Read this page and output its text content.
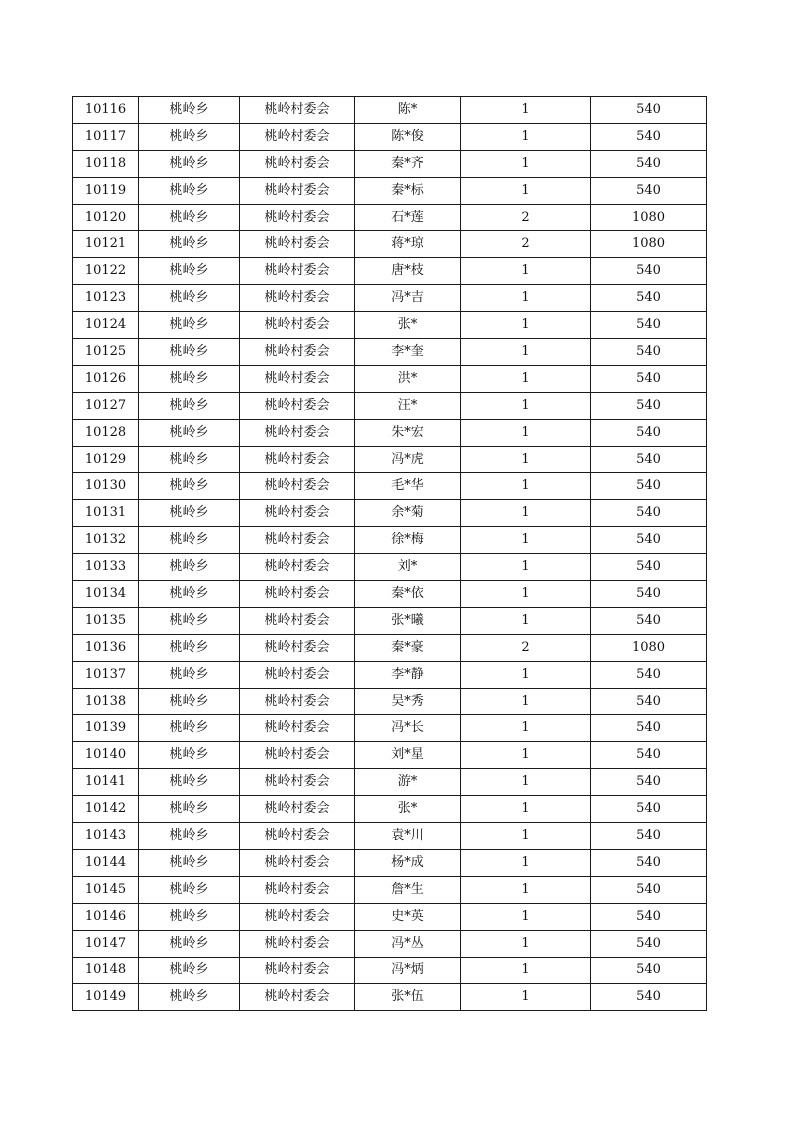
10116	桃岭乡	桃岭村委会	陈*	1	540
10117	桃岭乡	桃岭村委会	陈*俊	1	540
10118	桃岭乡	桃岭村委会	秦*齐	1	540
10119	桃岭乡	桃岭村委会	秦*标	1	540
10120	桃岭乡	桃岭村委会	石*莲	2	1080
10121	桃岭乡	桃岭村委会	蒋*琼	2	1080
10122	桃岭乡	桃岭村委会	唐*枝	1	540
10123	桃岭乡	桃岭村委会	冯*吉	1	540
10124	桃岭乡	桃岭村委会	张*	1	540
10125	桃岭乡	桃岭村委会	李*奎	1	540
10126	桃岭乡	桃岭村委会	洪*	1	540
10127	桃岭乡	桃岭村委会	汪*	1	540
10128	桃岭乡	桃岭村委会	朱*宏	1	540
10129	桃岭乡	桃岭村委会	冯*虎	1	540
10130	桃岭乡	桃岭村委会	毛*华	1	540
10131	桃岭乡	桃岭村委会	余*菊	1	540
10132	桃岭乡	桃岭村委会	徐*梅	1	540
10133	桃岭乡	桃岭村委会	刘*	1	540
10134	桃岭乡	桃岭村委会	秦*依	1	540
10135	桃岭乡	桃岭村委会	张*曦	1	540
10136	桃岭乡	桃岭村委会	秦*豪	2	1080
10137	桃岭乡	桃岭村委会	李*静	1	540
10138	桃岭乡	桃岭村委会	吴*秀	1	540
10139	桃岭乡	桃岭村委会	冯*长	1	540
10140	桃岭乡	桃岭村委会	刘*星	1	540
10141	桃岭乡	桃岭村委会	游*	1	540
10142	桃岭乡	桃岭村委会	张*	1	540
10143	桃岭乡	桃岭村委会	袁*川	1	540
10144	桃岭乡	桃岭村委会	杨*成	1	540
10145	桃岭乡	桃岭村委会	詹*生	1	540
10146	桃岭乡	桃岭村委会	史*英	1	540
10147	桃岭乡	桃岭村委会	冯*丛	1	540
10148	桃岭乡	桃岭村委会	冯*炳	1	540
10149	桃岭乡	桃岭村委会	张*伍	1	540
